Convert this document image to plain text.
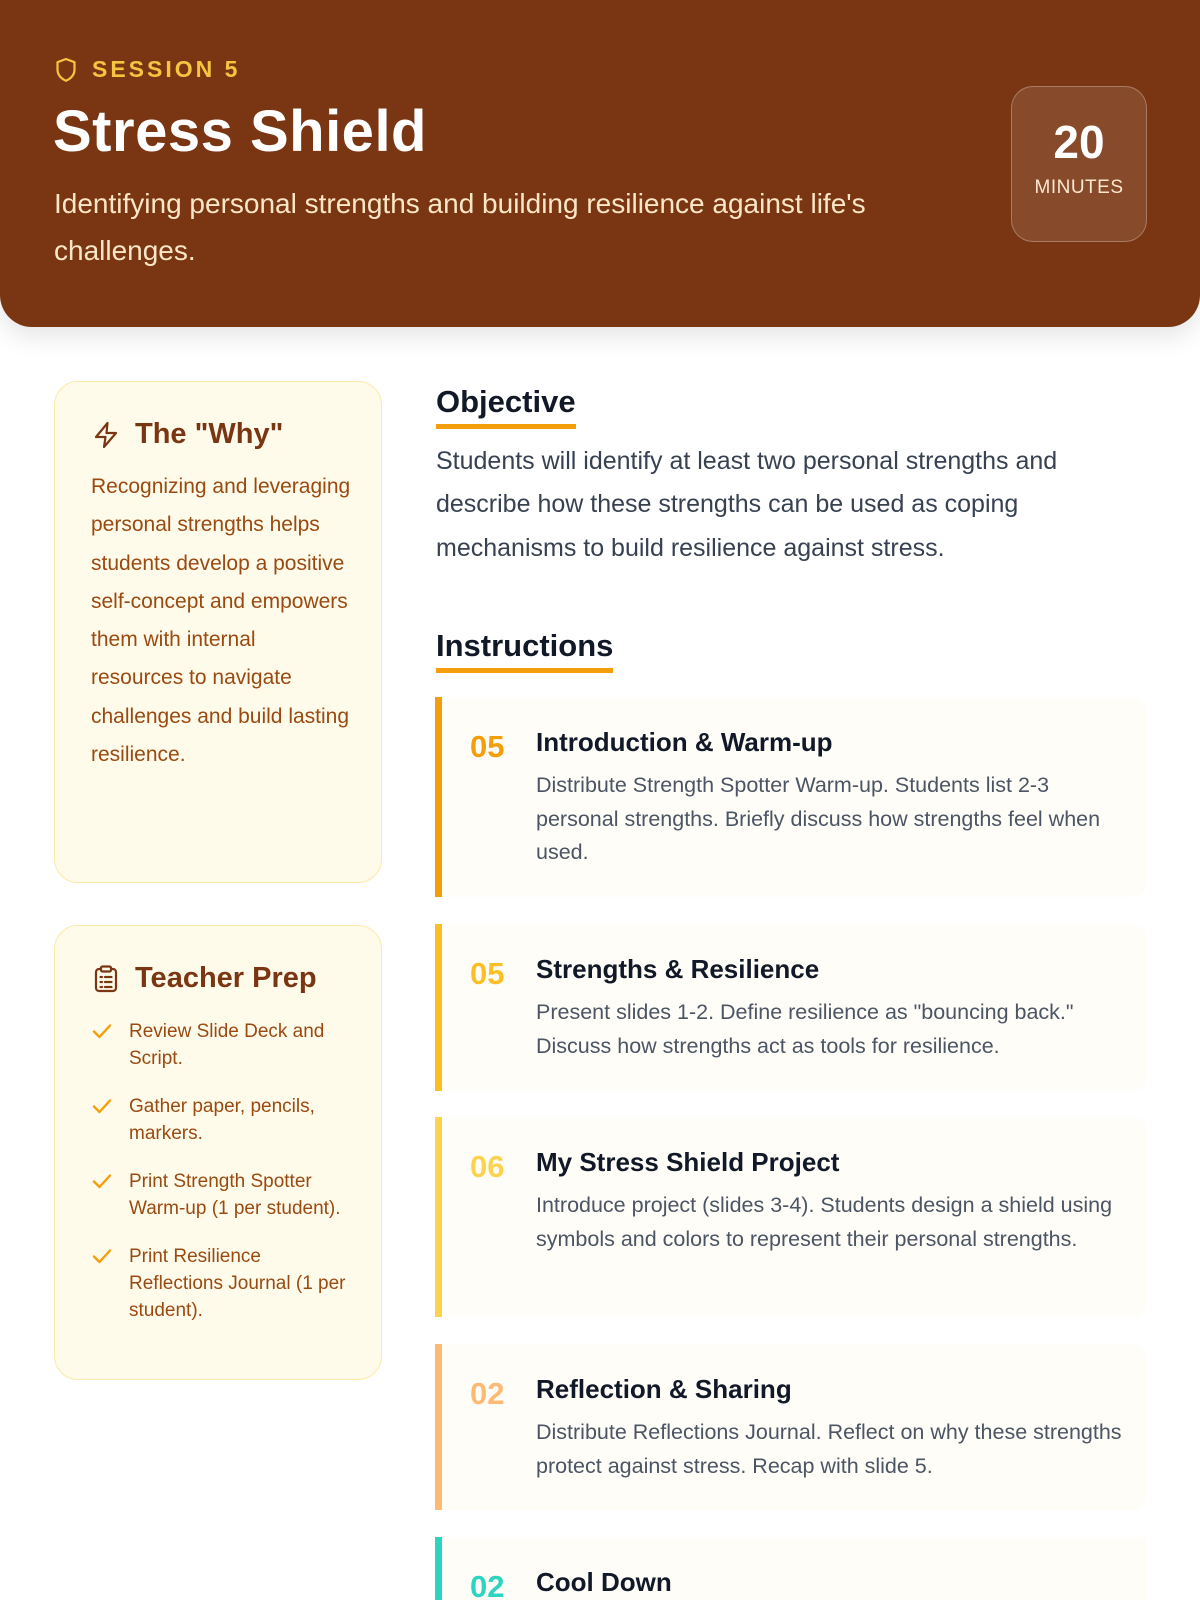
SESSION 5
Stress Shield

Identifying personal strengths and building resilience against life's challenges.

20
MINUTES
The "Why"

Recognizing and leveraging personal strengths helps students develop a positive self-concept and empowers them with internal resources to navigate challenges and build lasting resilience.

Teacher Prep
Review Slide Deck and Script.
Gather paper, pencils, markers.
Print Strength Spotter Warm-up (1 per student).
Print Resilience Reflections Journal (1 per student).
Objective

Students will identify at least two personal strengths and describe how these strengths can be used as coping mechanisms to build resilience against stress.

Instructions
05 Introduction & Warm-up

Distribute Strength Spotter Warm-up. Students list 2-3 personal strengths. Briefly discuss how strengths feel when used.

05 Strengths & Resilience

Present slides 1-2. Define resilience as "bouncing back." Discuss how strengths act as tools for resilience.

06 My Stress Shield Project

Introduce project (slides 3-4). Students design a shield using symbols and colors to represent their personal strengths.

02 Reflection & Sharing

Distribute Reflections Journal. Reflect on why these strengths protect against stress. Recap with slide 5.

02 Cool Down
